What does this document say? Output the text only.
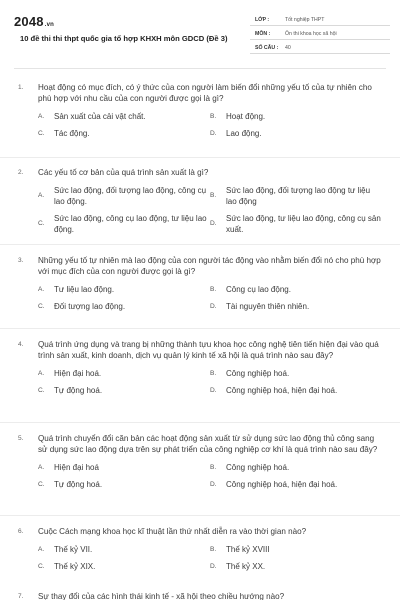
2048.vn
10 đề thi thi thpt quốc gia tổ hợp KHXH môn GDCD (Đề 3)
LỚP :	Tốt nghiệp THPT
MÔN :	Ôn thi khoa học xã hội
SỐ CÂU : 40
1. Hoạt động có mục đích, có ý thức của con người làm biến đổi những yếu tố của tự nhiên cho phù hợp với nhu cầu của con người được gọi là gì?
A. Sản xuất của cải vật chất.	B. Hoạt động.
C. Tác động.	D. Lao động.
2. Các yếu tố cơ bản của quá trình sản xuất là gì?
A.
Sức lao động, đối tượng lao động, công cụ lao động.
B.
Sức lao động, đối tượng lao động tư liệu lao động
C.
Sức lao động, công cụ lao động, tư liệu lao động.
D.
Sức lao động, tư liệu lao động, công cụ sản xuất.
3. Những yếu tố tự nhiên mà lao động của con người tác động vào nhằm biến đổi nó cho phù hợp với mục đích của con người được gọi là gì?
A. Tư liệu lao động.	B. Công cụ lao động.
C. Đối tượng lao động.	D. Tài nguyên thiên nhiên.
4. Quá trình ứng dụng và trang bị những thành tựu khoa học công nghệ tiên tiến hiện đại vào quá trình sản xuất, kinh doanh, dịch vụ quản lý kinh tế xã hội là quá trình nào sau đây?
A. Hiện đại hoá.	B. Công nghiệp hoá.
C. Tự động hoá.	D. Công nghiệp hoá, hiện đại hoá.
5. Quá trình chuyển đổi căn bản các hoạt động sản xuất từ sử dụng sức lao động thủ công sang sử dụng sức lao động dựa trên sự phát triển của công nghiệp cơ khí là quá trình nào sau đây?
A. Hiện đại hoá	B. Công nghiệp hoá.
C. Tự động hoá.	D. Công nghiệp hoá, hiện đại hoá.
6. Cuộc Cách mạng khoa học kĩ thuật lần thứ nhất diễn ra vào thời gian nào?
A. Thế kỷ VII.	B. Thế kỷ XVIII
C. Thế kỷ XIX.	D. Thế kỷ XX.
7. Sự thay đổi của các hình thái kinh tế - xã hội theo chiều hướng nào?
